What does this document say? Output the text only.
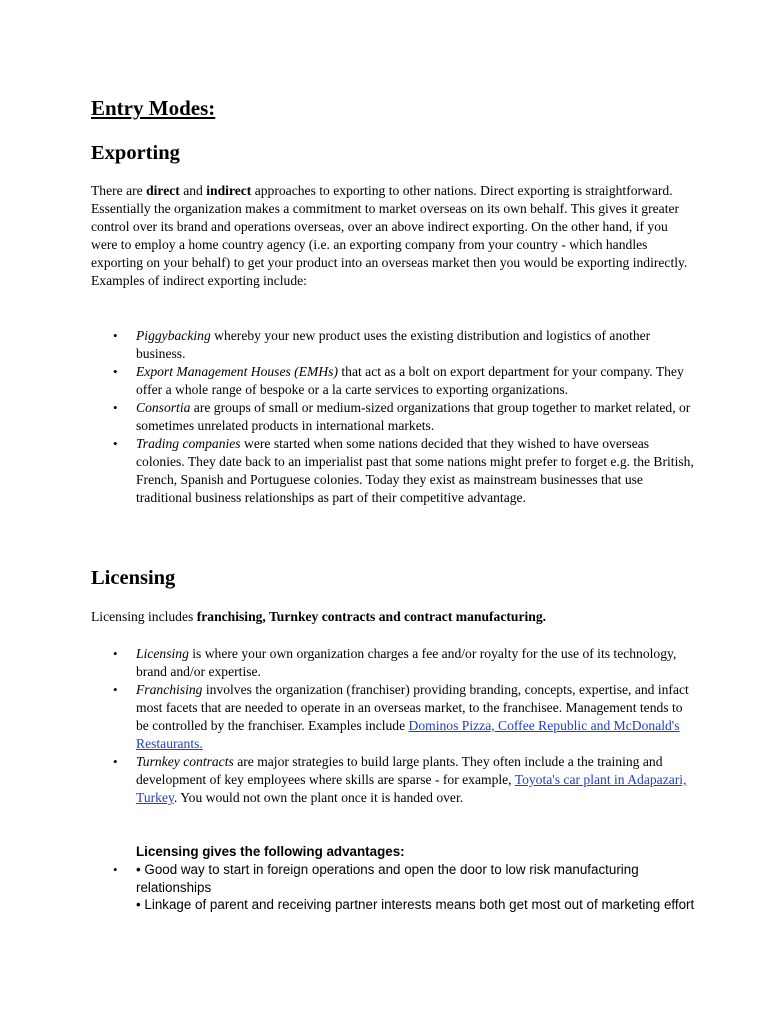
Entry Modes:
Exporting

There are direct and indirect approaches to exporting to other nations. Direct exporting is straightforward. Essentially the organization makes a commitment to market overseas on its own behalf. This gives it greater control over its brand and operations overseas, over an above indirect exporting. On the other hand, if you were to employ a home country agency (i.e. an exporting company from your country - which handles exporting on your behalf) to get your product into an overseas market then you would be exporting indirectly. Examples of indirect exporting include:

• Piggybacking whereby your new product uses the existing distribution and logistics of another business.
• Export Management Houses (EMHs) that act as a bolt on export department for your company. They offer a whole range of bespoke or a la carte services to exporting organizations.
• Consortia are groups of small or medium-sized organizations that group together to market related, or sometimes unrelated products in international markets.
• Trading companies were started when some nations decided that they wished to have overseas colonies. They date back to an imperialist past that some nations might prefer to forget e.g. the British, French, Spanish and Portuguese colonies. Today they exist as mainstream businesses that use traditional business relationships as part of their competitive advantage.
Licensing

Licensing includes franchising, Turnkey contracts and contract manufacturing.

• Licensing is where your own organization charges a fee and/or royalty for the use of its technology, brand and/or expertise.
• Franchising involves the organization (franchiser) providing branding, concepts, expertise, and infact most facets that are needed to operate in an overseas market, to the franchisee. Management tends to be controlled by the franchiser. Examples include Dominos Pizza, Coffee Republic and McDonald's Restaurants.
• Turnkey contracts are major strategies to build large plants. They often include a the training and development of key employees where skills are sparse - for example, Toyota's car plant in Adapazari, Turkey. You would not own the plant once it is handed over.
Licensing gives the following advantages:
• • Good way to start in foreign operations and open the door to low risk manufacturing relationships
• Linkage of parent and receiving partner interests means both get most out of marketing effort
